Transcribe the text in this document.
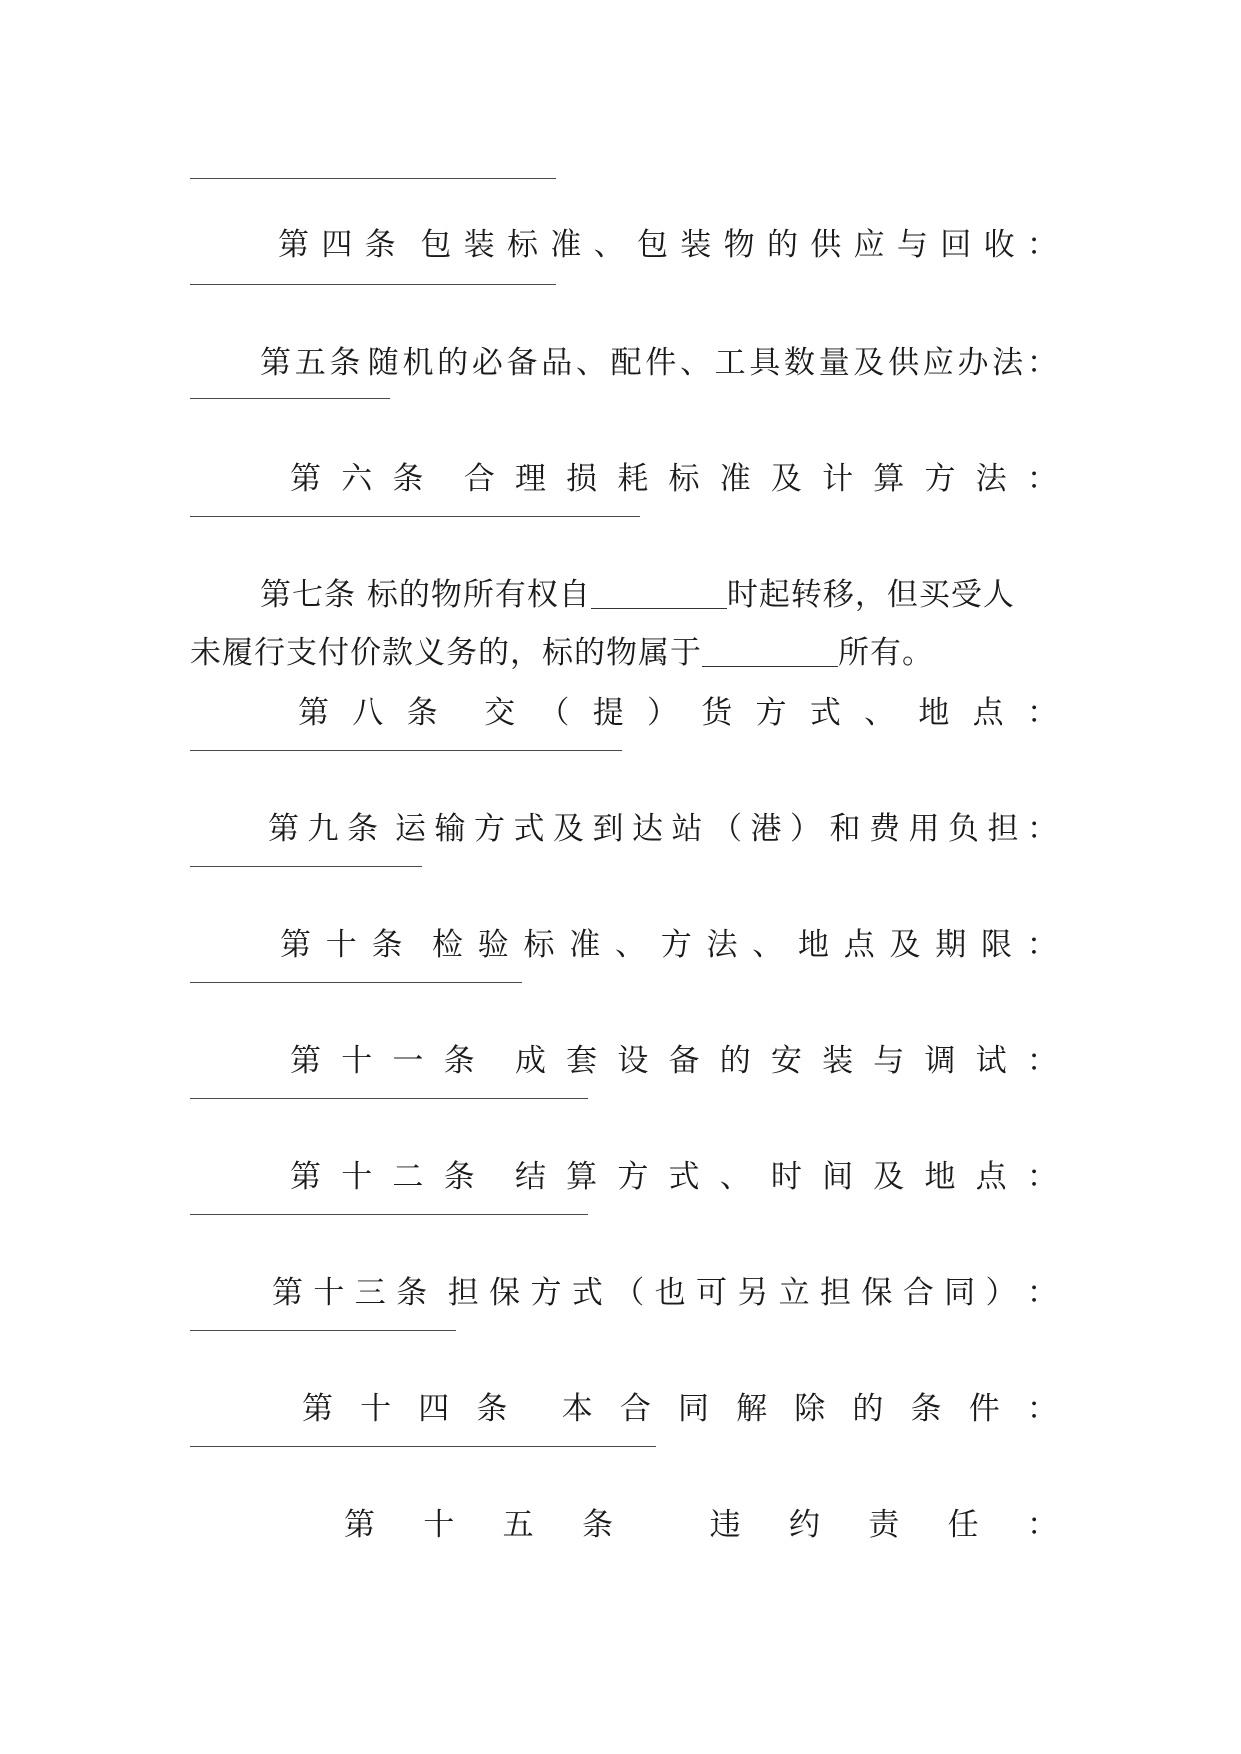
第 四 条 包 装 标 准 、 包 装 物 的 供 应 与 回 收 ：
第 五 条 随 机 的 必 备 品 、 配 件 、 工 具 数 量 及 供 应 办 法 ：
第 六 条 合 理 损 耗 标 准 及 计 算 方 法 ：
第七条 标的物所有权自	时起转移，但买受人
未履行支付价款义务的，标的物属于	所有。
第 八 条 交 （ 提 ） 货 方 式 、 地 点 ：
第 九 条 运 输 方 式 及 到 达 站 （ 港 ） 和 费 用 负 担 ：
第 十 条 检 验 标 准 、 方 法 、 地 点 及 期 限 ：
第 十 一 条 成 套 设 备 的 安 装 与 调 试 ：
第 十 二 条 结 算 方 式 、 时 间 及 地 点 ：
第 十 三 条 担 保 方 式 （ 也 可 另 立 担 保 合 同 ） ：
第 十 四 条 本 合 同 解 除 的 条 件 ：
第 十 五 条	违 约 责 任 ：
